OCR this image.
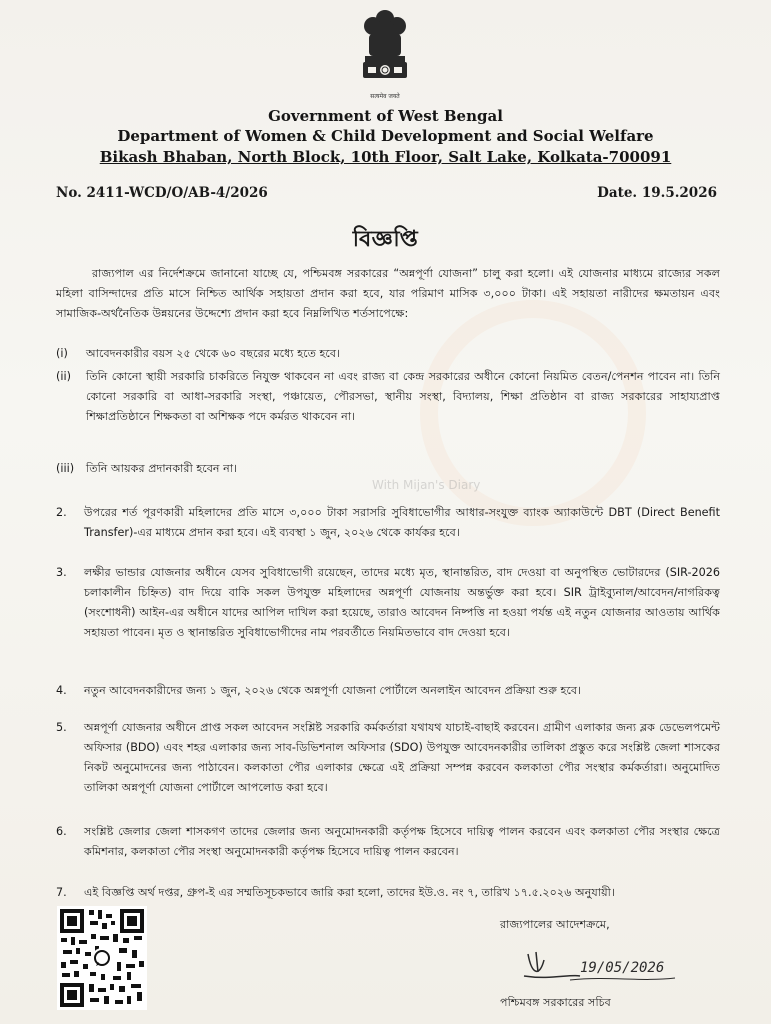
With Mijan's Diary
सत्यमेव जयते
Government of West Bengal
Department of Women & Child Development and Social Welfare
Bikash Bhaban, North Block, 10th Floor, Salt Lake, Kolkata-700091
No. 2411-WCD/O/AB-4/2026	Date. 19.5.2026
বিজ্ঞপ্তি
রাজ্যপাল এর নির্দেশক্রমে জানানো যাচ্ছে যে, পশ্চিমবঙ্গ সরকারের “অন্নপূর্ণা যোজনা” চালু করা হলো। এই যোজনার মাধ্যমে রাজ্যের সকল মহিলা বাসিন্দাদের প্রতি মাসে নিশ্চিত আর্থিক সহায়তা প্রদান করা হবে, যার পরিমাণ মাসিক ৩,০০০ টাকা। এই সহায়তা নারীদের ক্ষমতায়ন এবং সামাজিক-অর্থনৈতিক উন্নয়নের উদ্দেশ্যে প্রদান করা হবে নিম্নলিখিত শর্তসাপেক্ষে:
(i)	আবেদনকারীর বয়স ২৫ থেকে ৬০ বছরের মধ্যে হতে হবে।
(ii)	তিনি কোনো স্থায়ী সরকারি চাকরিতে নিযুক্ত থাকবেন না এবং রাজ্য বা কেন্দ্র সরকারের অধীনে কোনো নিয়মিত বেতন/পেনশন পাবেন না। তিনি কোনো সরকারি বা আধা-সরকারি সংস্থা, পঞ্চায়েত, পৌরসভা, স্থানীয় সংস্থা, বিদ্যালয়, শিক্ষা প্রতিষ্ঠান বা রাজ্য সরকারের সাহায্যপ্রাপ্ত শিক্ষাপ্রতিষ্ঠানে শিক্ষকতা বা অশিক্ষক পদে কর্মরত থাকবেন না।
(iii)	তিনি আয়কর প্রদানকারী হবেন না।
2.	উপরের শর্ত পূরণকারী মহিলাদের প্রতি মাসে ৩,০০০ টাকা সরাসরি সুবিধাভোগীর আধার-সংযুক্ত ব্যাংক অ্যাকাউন্টে DBT (Direct Benefit Transfer)-এর মাধ্যমে প্রদান করা হবে। এই ব্যবস্থা ১ জুন, ২০২৬ থেকে কার্যকর হবে।
3.	লক্ষীর ভান্ডার যোজনার অধীনে যেসব সুবিধাভোগী রয়েছেন, তাদের মধ্যে মৃত, স্থানান্তরিত, বাদ দেওয়া বা অনুপস্থিত ভোটারদের (SIR-2026 চলাকালীন চিহ্নিত) বাদ দিয়ে বাকি সকল উপযুক্ত মহিলাদের অন্নপূর্ণা যোজনায় অন্তর্ভুক্ত করা হবে। SIR ট্রাইব্যুনাল/আবেদন/নাগরিকত্ব (সংশোধনী) আইন-এর অধীনে যাদের আপিল দাখিল করা হয়েছে, তারাও আবেদন নিষ্পত্তি না হওয়া পর্যন্ত এই নতুন যোজনার আওতায় আর্থিক সহায়তা পাবেন। মৃত ও স্থানান্তরিত সুবিধাভোগীদের নাম পরবর্তীতে নিয়মিতভাবে বাদ দেওয়া হবে।
4.	নতুন আবেদনকারীদের জন্য ১ জুন, ২০২৬ থেকে অন্নপূর্ণা যোজনা পোর্টালে অনলাইন আবেদন প্রক্রিয়া শুরু হবে।
5.	অন্নপূর্ণা যোজনার অধীনে প্রাপ্ত সকল আবেদন সংশ্লিষ্ট সরকারি কর্মকর্তারা যথাযথ যাচাই-বাছাই করবেন। গ্রামীণ এলাকার জন্য ব্লক ডেভেলপমেন্ট অফিসার (BDO) এবং শহর এলাকার জন্য সাব-ডিভিশনাল অফিসার (SDO) উপযুক্ত আবেদনকারীর তালিকা প্রস্তুত করে সংশ্লিষ্ট জেলা শাসকের নিকট অনুমোদনের জন্য পাঠাবেন। কলকাতা পৌর এলাকার ক্ষেত্রে এই প্রক্রিয়া সম্পন্ন করবেন কলকাতা পৌর সংস্থার কর্মকর্তারা। অনুমোদিত তালিকা অন্নপূর্ণা যোজনা পোর্টালে আপলোড করা হবে।
6.	সংশ্লিষ্ট জেলার জেলা শাসকগণ তাদের জেলার জন্য অনুমোদনকারী কর্তৃপক্ষ হিসেবে দায়িত্ব পালন করবেন এবং কলকাতা পৌর সংস্থার ক্ষেত্রে কমিশনার, কলকাতা পৌর সংস্থা অনুমোদনকারী কর্তৃপক্ষ হিসেবে দায়িত্ব পালন করবেন।
7.	এই বিজ্ঞপ্তি অর্থ দপ্তর, গ্রুপ-ই এর সম্মতিসূচকভাবে জারি করা হলো, তাদের ইউ.ও. নং ৭, তারিখ ১৭.৫.২০২৬ অনুযায়ী।
রাজ্যপালের আদেশক্রমে,
19/05/2026
পশ্চিমবঙ্গ সরকারের সচিব
